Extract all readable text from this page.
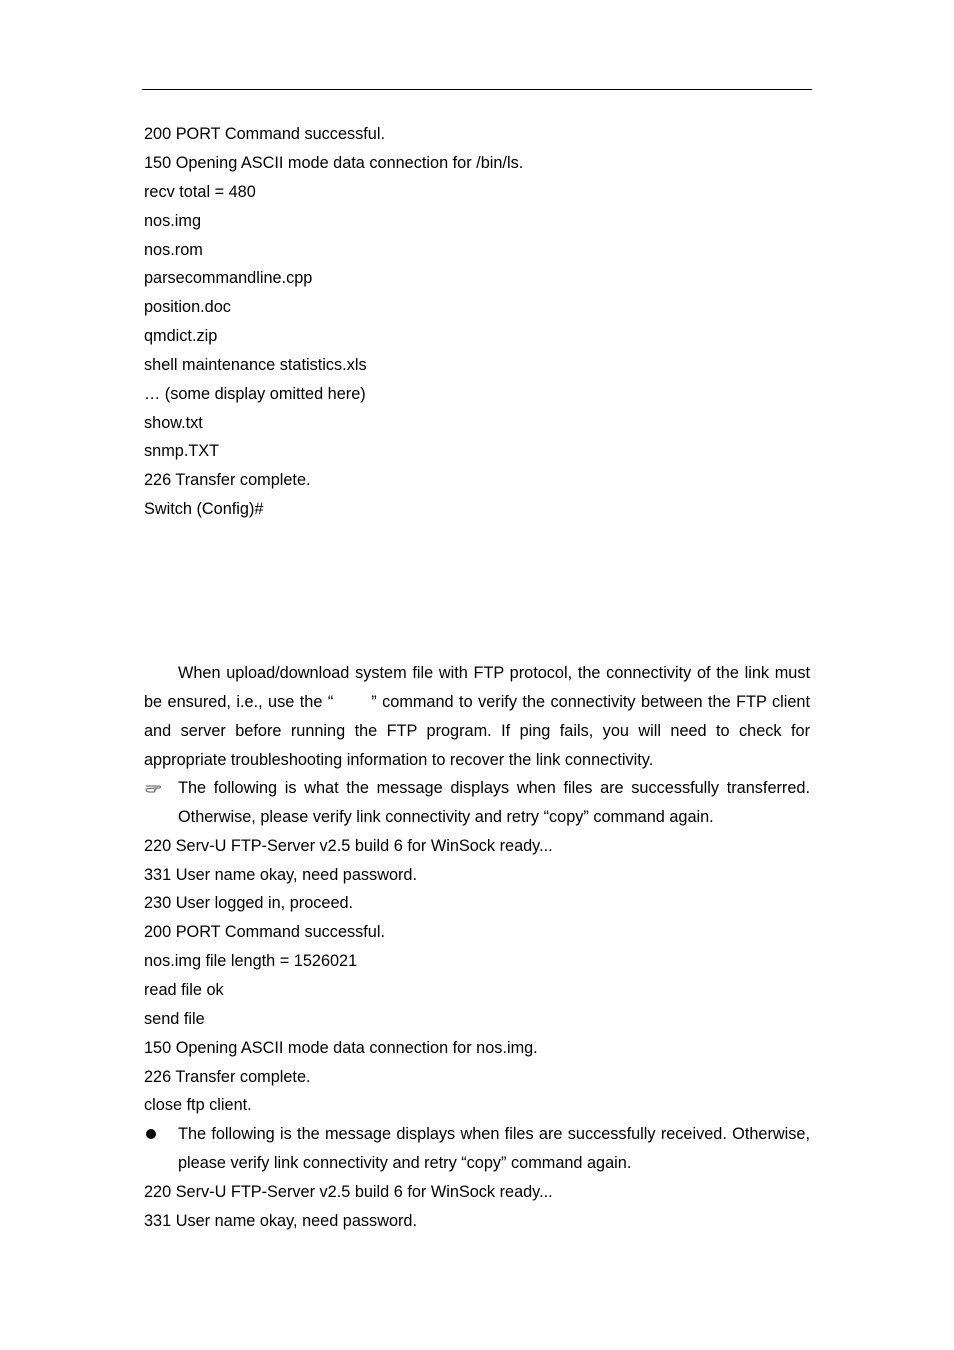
200 PORT Command successful.
150 Opening ASCII mode data connection for /bin/ls.
recv total = 480
nos.img
nos.rom
parsecommandline.cpp
position.doc
qmdict.zip
shell maintenance statistics.xls
… (some display omitted here)
show.txt
snmp.TXT
226 Transfer complete.
Switch (Config)#
When upload/download system file with FTP protocol, the connectivity of the link must be ensured, i.e., use the “ ” command to verify the connectivity between the FTP client and server before running the FTP program. If ping fails, you will need to check for appropriate troubleshooting information to recover the link connectivity.
The following is what the message displays when files are successfully transferred. Otherwise, please verify link connectivity and retry “copy” command again.
220 Serv-U FTP-Server v2.5 build 6 for WinSock ready...
331 User name okay, need password.
230 User logged in, proceed.
200 PORT Command successful.
nos.img file length = 1526021
read file ok
send file
150 Opening ASCII mode data connection for nos.img.
226 Transfer complete.
close ftp client.
The following is the message displays when files are successfully received. Otherwise, please verify link connectivity and retry “copy” command again.
220 Serv-U FTP-Server v2.5 build 6 for WinSock ready...
331 User name okay, need password.
